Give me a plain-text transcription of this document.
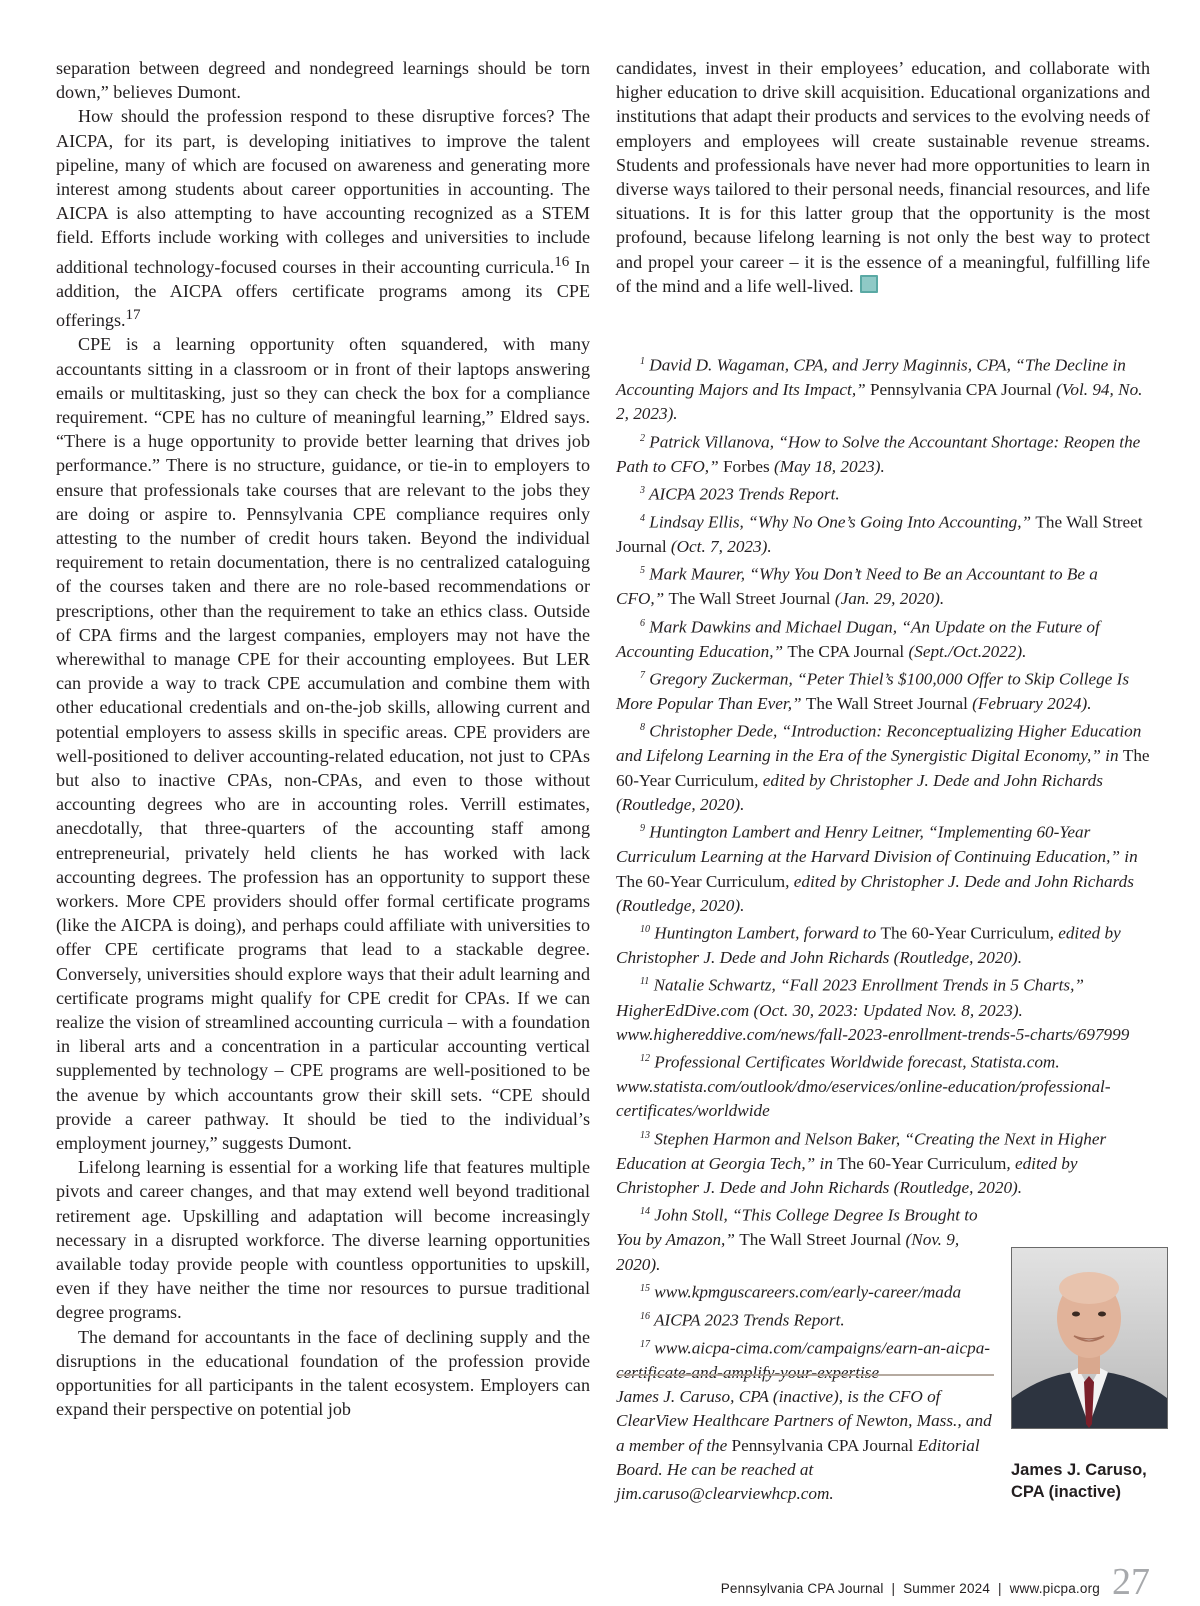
separation between degreed and nondegreed learnings should be torn down,” believes Dumont.

How should the profession respond to these disruptive forces? The AICPA, for its part, is developing initiatives to improve the talent pipeline, many of which are focused on awareness and generating more interest among students about career opportunities in accounting. The AICPA is also attempting to have accounting recognized as a STEM field. Efforts include working with colleges and universities to include additional technology-focused courses in their accounting curricula.$^{16}$ In addition, the AICPA offers certificate programs among its CPE offerings.$^{17}$

CPE is a learning opportunity often squandered, with many accountants sitting in a classroom or in front of their laptops answering emails or multitasking, just so they can check the box for a compliance requirement. “CPE has no culture of meaningful learning,” Eldred says. “There is a huge opportunity to provide better learning that drives job performance.” There is no structure, guidance, or tie-in to employers to ensure that professionals take courses that are relevant to the jobs they are doing or aspire to. Pennsylvania CPE compliance requires only attesting to the number of credit hours taken. Beyond the individual requirement to retain documentation, there is no centralized cataloguing of the courses taken and there are no role-based recommendations or prescriptions, other than the requirement to take an ethics class. Outside of CPA firms and the largest companies, employers may not have the wherewithal to manage CPE for their accounting employees. But LER can provide a way to track CPE accumulation and combine them with other educational credentials and on-the-job skills, allowing current and potential employers to assess skills in specific areas. CPE providers are well-positioned to deliver accounting-related education, not just to CPAs but also to inactive CPAs, non-CPAs, and even to those without accounting degrees who are in accounting roles. Verrill estimates, anecdotally, that three-quarters of the accounting staff among entrepreneurial, privately held clients he has worked with lack accounting degrees. The profession has an opportunity to support these workers. More CPE providers should offer formal certificate programs (like the AICPA is doing), and perhaps could affiliate with universities to offer CPE certificate programs that lead to a stackable degree. Conversely, universities should explore ways that their adult learning and certificate programs might qualify for CPE credit for CPAs. If we can realize the vision of streamlined accounting curricula – with a foundation in liberal arts and a concentration in a particular accounting vertical supplemented by technology – CPE programs are well-positioned to be the avenue by which accountants grow their skill sets. “CPE should provide a career pathway. It should be tied to the individual’s employment journey,” suggests Dumont.

Lifelong learning is essential for a working life that features multiple pivots and career changes, and that may extend well beyond traditional retirement age. Upskilling and adaptation will become increasingly necessary in a disrupted workforce. The diverse learning opportunities available today provide people with countless opportunities to upskill, even if they have neither the time nor resources to pursue traditional degree programs.

The demand for accountants in the face of declining supply and the disruptions in the educational foundation of the profession provide opportunities for all participants in the talent ecosystem. Employers can expand their perspective on potential job

candidates, invest in their employees’ education, and collaborate with higher education to drive skill acquisition. Educational organizations and institutions that adapt their products and services to the evolving needs of employers and employees will create sustainable revenue streams. Students and professionals have never had more opportunities to learn in diverse ways tailored to their personal needs, financial resources, and life situations. It is for this latter group that the opportunity is the most profound, because lifelong learning is not only the best way to protect and propel your career – it is the essence of a meaningful, fulfilling life of the mind and a life well-lived.

$^1$ David D. Wagaman, CPA, and Jerry Maginnis, CPA, “The Decline in Accounting Majors and Its Impact,” Pennsylvania CPA Journal (Vol. 94, No. 2, 2023).

$^2$ Patrick Villanova, “How to Solve the Accountant Shortage: Reopen the Path to CFO,” Forbes (May 18, 2023).

$^3$ AICPA 2023 Trends Report.

$^4$ Lindsay Ellis, “Why No One’s Going Into Accounting,” The Wall Street Journal (Oct. 7, 2023).

$^5$ Mark Maurer, “Why You Don’t Need to Be an Accountant to Be a CFO,” The Wall Street Journal (Jan. 29, 2020).

$^6$ Mark Dawkins and Michael Dugan, “An Update on the Future of Accounting Education,” The CPA Journal (Sept./Oct.2022).

$^7$ Gregory Zuckerman, “Peter Thiel’s $100,000 Offer to Skip College Is More Popular Than Ever,” The Wall Street Journal (February 2024).

$^8$ Christopher Dede, “Introduction: Reconceptualizing Higher Education and Lifelong Learning in the Era of the Synergistic Digital Economy,” in The 60-Year Curriculum, edited by Christopher J. Dede and John Richards (Routledge, 2020).

$^9$ Huntington Lambert and Henry Leitner, “Implementing 60-Year Curriculum Learning at the Harvard Division of Continuing Education,” in The 60-Year Curriculum, edited by Christopher J. Dede and John Richards (Routledge, 2020).

$^{10}$ Huntington Lambert, forward to The 60-Year Curriculum, edited by Christopher J. Dede and John Richards (Routledge, 2020).

$^{11}$ Natalie Schwartz, “Fall 2023 Enrollment Trends in 5 Charts,” HigherEdDive.com (Oct. 30, 2023: Updated Nov. 8, 2023). www.highereddive.com/news/fall-2023-enrollment-trends-5-charts/697999

$^{12}$ Professional Certificates Worldwide forecast, Statista.com. www.statista.com/outlook/dmo/eservices/online-education/professional-certificates/worldwide

$^{13}$ Stephen Harmon and Nelson Baker, “Creating the Next in Higher Education at Georgia Tech,” in The 60-Year Curriculum, edited by Christopher J. Dede and John Richards (Routledge, 2020).

$^{14}$ John Stoll, “This College Degree Is Brought to You by Amazon,” The Wall Street Journal (Nov. 9, 2020).

$^{15}$ www.kpmguscareers.com/early-career/mada

$^{16}$ AICPA 2023 Trends Report.

$^{17}$ www.aicpa-cima.com/campaigns/earn-an-aicpa-certificate-and-amplify-your-expertise

James J. Caruso, CPA (inactive), is the CFO of ClearView Healthcare Partners of Newton, Mass., and a member of the Pennsylvania CPA Journal Editorial Board. He can be reached at jim.caruso@clearviewhcp.com.

James J. Caruso,
CPA (inactive)

Pennsylvania CPA Journal  |  Summer 2024  |  www.picpa.org 27
